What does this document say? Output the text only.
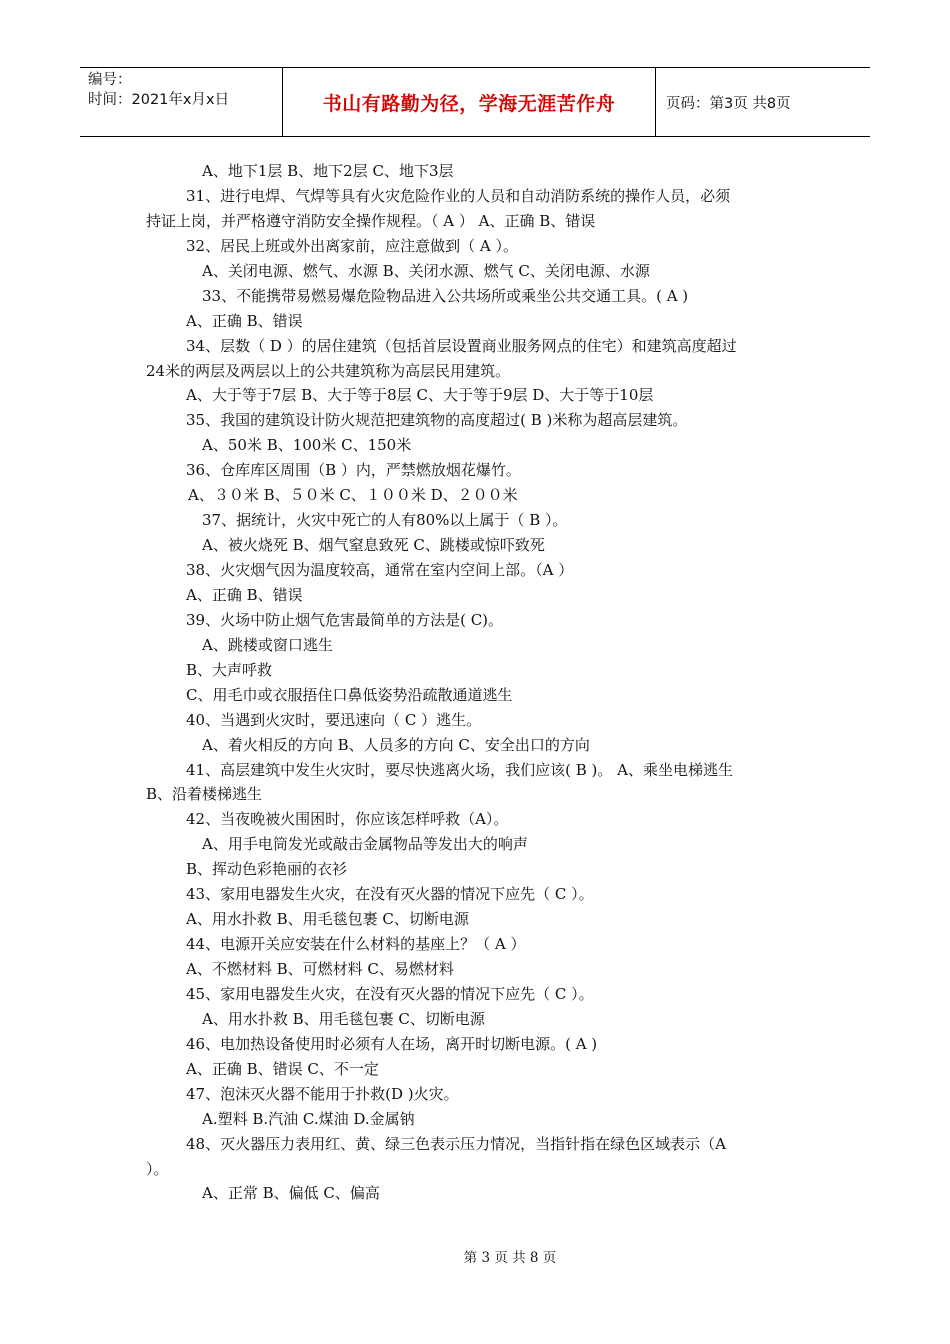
编号：
时间：2021年x月x日	书山有路勤为径，学海无涯苦作舟	页码：第3页 共8页
A、地下1层 B、地下2层 C、地下3层
31、进行电焊、气焊等具有火灾危险作业的人员和自动消防系统的操作人员，必须
持证上岗，并严格遵守消防安全操作规程。（ A ） A、正确 B、错误
32、居民上班或外出离家前，应注意做到（ A ）。
A、关闭电源、燃气、水源 B、关闭水源、燃气 C、关闭电源、水源
33、不能携带易燃易爆危险物品进入公共场所或乘坐公共交通工具。( A )
A、正确 B、错误
34、层数（ D ）的居住建筑（包括首层设置商业服务网点的住宅）和建筑高度超过
24米的两层及两层以上的公共建筑称为高层民用建筑。
A、大于等于7层 B、大于等于8层 C、大于等于9层 D、大于等于10层
35、我国的建筑设计防火规范把建筑物的高度超过( B )米称为超高层建筑。
A、50米 B、100米 C、150米
36、仓库库区周围（B ）内，严禁燃放烟花爆竹。
A、３０米 B、５０米 C、１００米 D、２００米
37、据统计，火灾中死亡的人有80%以上属于（ B ）。
A、被火烧死 B、烟气窒息致死 C、跳楼或惊吓致死
38、火灾烟气因为温度较高，通常在室内空间上部。（A ）
A、正确 B、错误
39、火场中防止烟气危害最简单的方法是( C)。
A、跳楼或窗口逃生
B、大声呼救
C、用毛巾或衣服捂住口鼻低姿势沿疏散通道逃生
40、当遇到火灾时，要迅速向（ C ）逃生。
A、着火相反的方向 B、人员多的方向 C、安全出口的方向
41、高层建筑中发生火灾时，要尽快逃离火场，我们应该( B )。 A、乘坐电梯逃生
B、沿着楼梯逃生
42、当夜晚被火围困时，你应该怎样呼救（A）。
A、用手电筒发光或敲击金属物品等发出大的响声
B、挥动色彩艳丽的衣衫
43、家用电器发生火灾，在没有灭火器的情况下应先（ C ）。
A、用水扑救 B、用毛毯包裹 C、切断电源
44、电源开关应安装在什么材料的基座上？（ A ）
A、不燃材料 B、可燃材料 C、易燃材料
45、家用电器发生火灾，在没有灭火器的情况下应先（ C ）。
A、用水扑救 B、用毛毯包裹 C、切断电源
46、电加热设备使用时必须有人在场，离开时切断电源。( A )
A、正确 B、错误 C、不一定
47、泡沫灭火器不能用于扑救(D )火灾。
A.塑料 B.汽油 C.煤油 D.金属钠
48、灭火器压力表用红、黄、绿三色表示压力情况，当指针指在绿色区域表示（A
）。
A、正常 B、偏低 C、偏高
第 3 页 共 8 页
